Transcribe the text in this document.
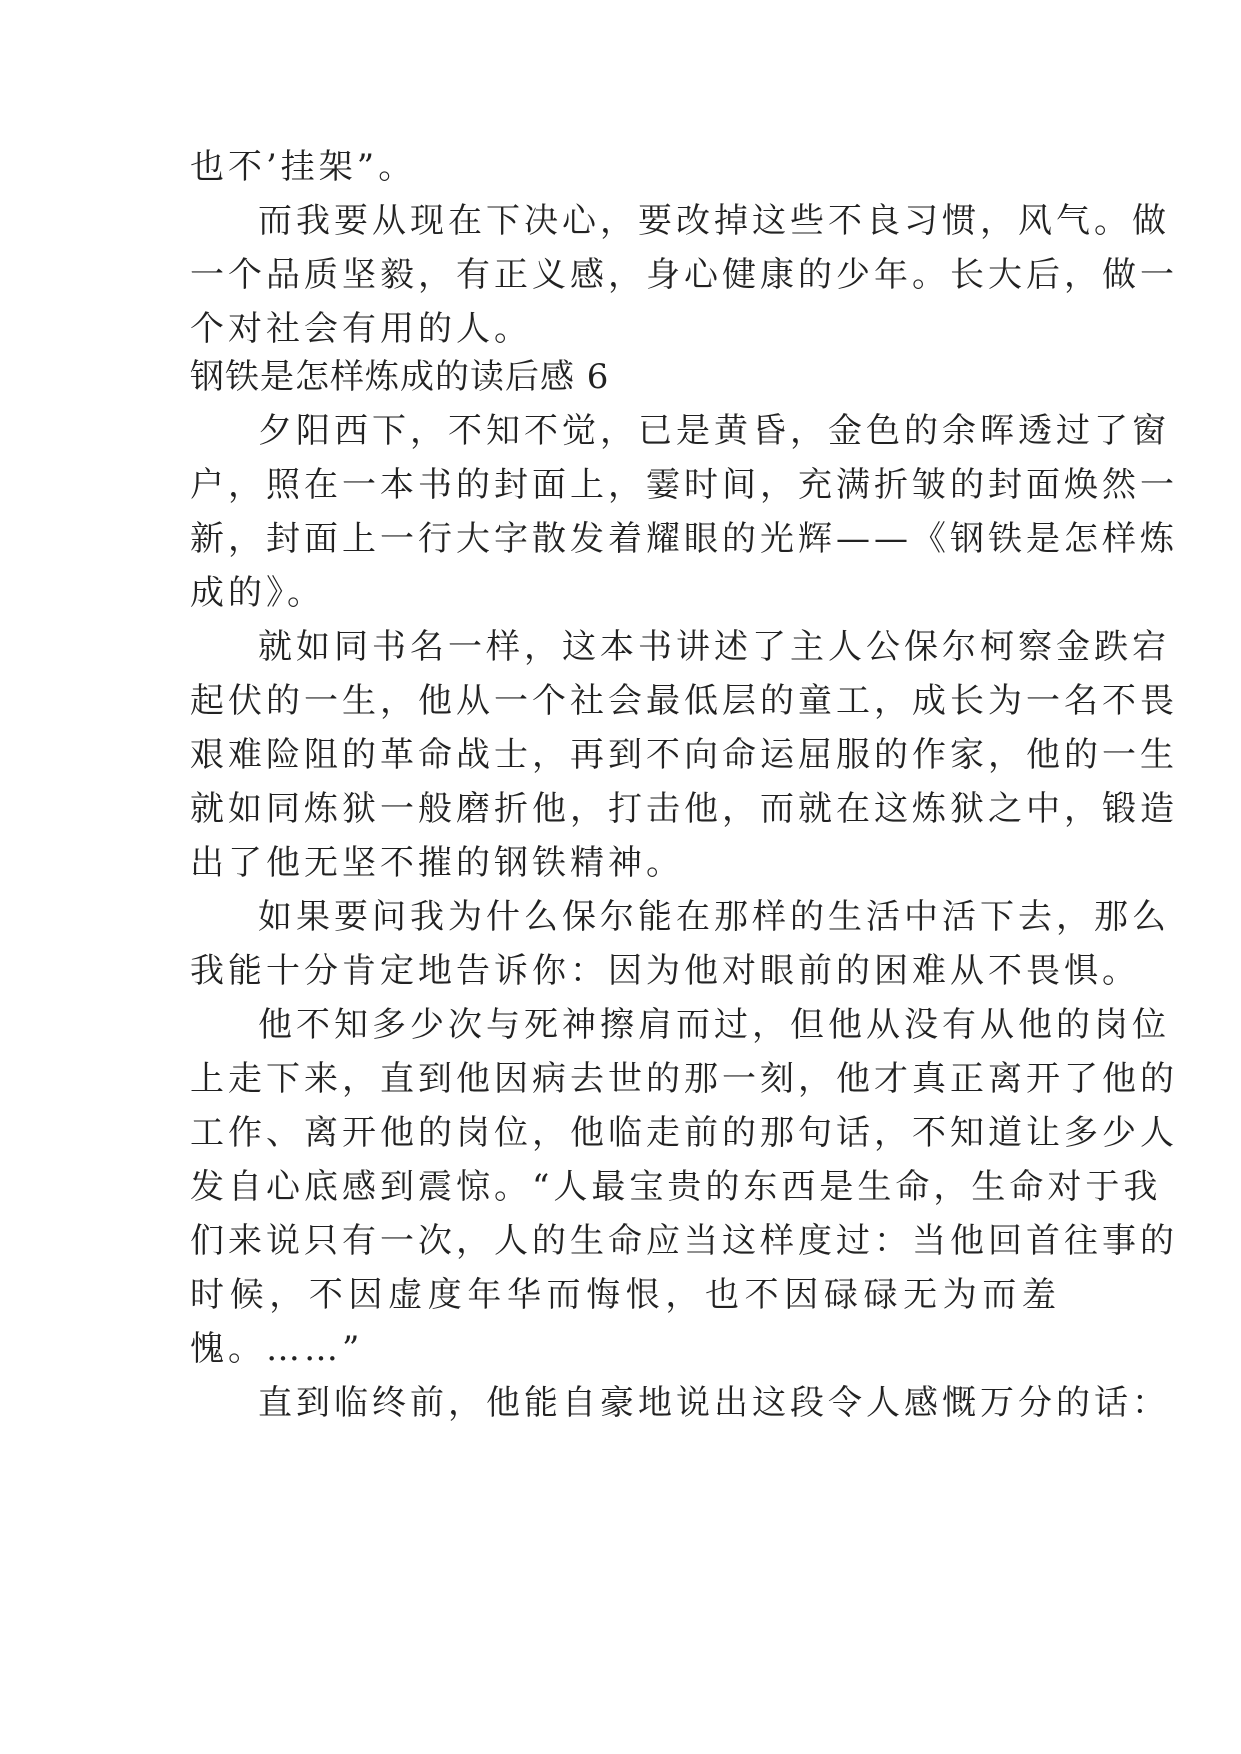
也不’挂架”。
而我要从现在下决心，要改掉这些不良习惯，风气。做
一个品质坚毅，有正义感，身心健康的少年。长大后，做一
个对社会有用的人。
钢铁是怎样炼成的读后感 6
夕阳西下，不知不觉，已是黄昏，金色的余晖透过了窗
户，照在一本书的封面上，霎时间，充满折皱的封面焕然一
新，封面上一行大字散发着耀眼的光辉——《钢铁是怎样炼
成的》。
就如同书名一样，这本书讲述了主人公保尔柯察金跌宕
起伏的一生，他从一个社会最低层的童工，成长为一名不畏
艰难险阻的革命战士，再到不向命运屈服的作家，他的一生
就如同炼狱一般磨折他，打击他，而就在这炼狱之中，锻造
出了他无坚不摧的钢铁精神。
如果要问我为什么保尔能在那样的生活中活下去，那么
我能十分肯定地告诉你：因为他对眼前的困难从不畏惧。
他不知多少次与死神擦肩而过，但他从没有从他的岗位
上走下来，直到他因病去世的那一刻，他才真正离开了他的
工作、离开他的岗位，他临走前的那句话，不知道让多少人
发自心底感到震惊。“人最宝贵的东西是生命，生命对于我
们来说只有一次，人的生命应当这样度过：当他回首往事的
时候，不因虚度年华而悔恨，也不因碌碌无为而羞
愧。……”
直到临终前，他能自豪地说出这段令人感慨万分的话：
